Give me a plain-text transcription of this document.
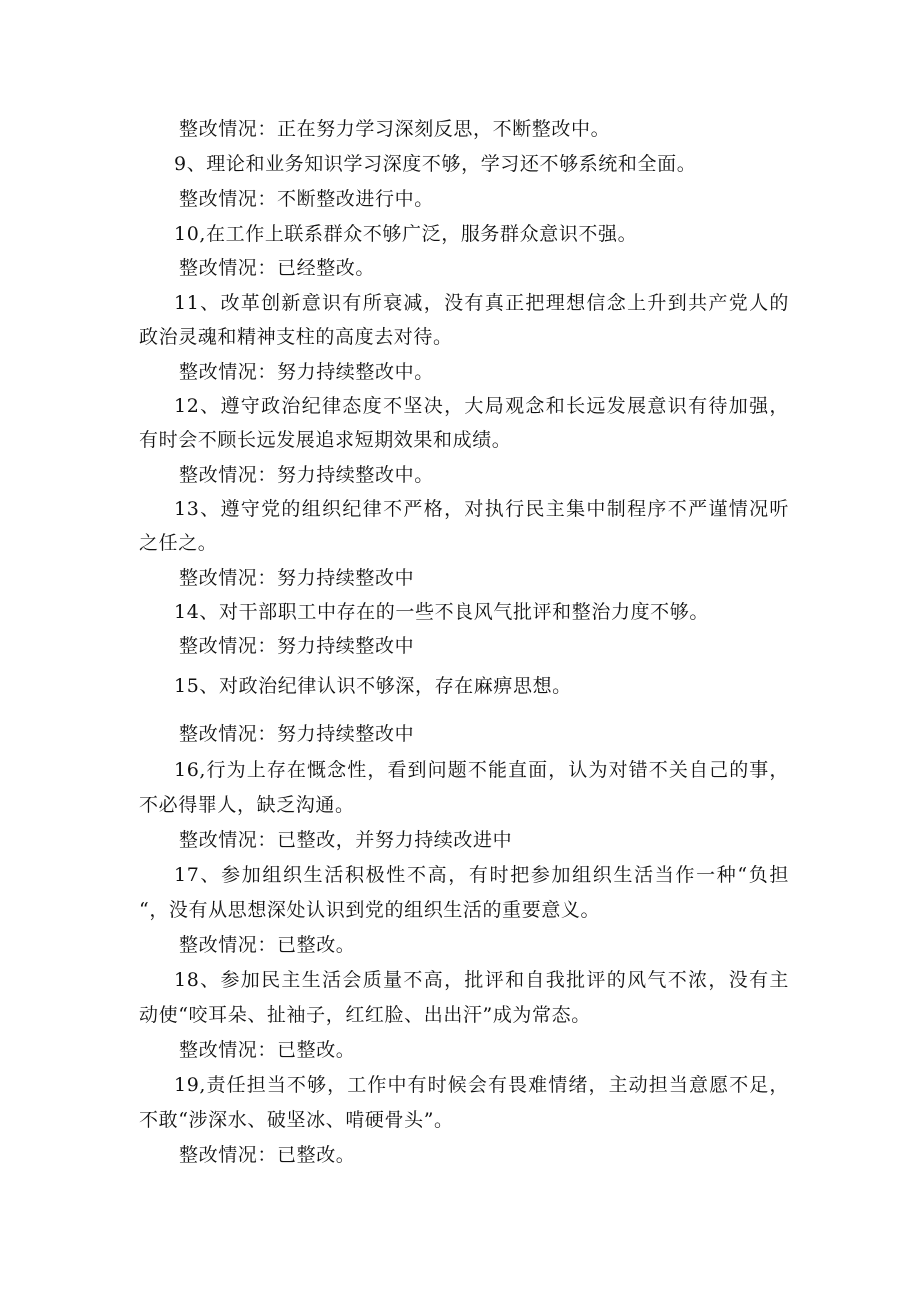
整改情况：正在努力学习深刻反思，不断整改中。
9、理论和业务知识学习深度不够，学习还不够系统和全面。
整改情况：不断整改进行中。
10,在工作上联系群众不够广泛，服务群众意识不强。
整改情况：已经整改。
11、改革创新意识有所衰减，没有真正把理想信念上升到共产党人的
政治灵魂和精神支柱的高度去对待。
整改情况：努力持续整改中。
12、遵守政治纪律态度不坚决，大局观念和长远发展意识有待加强，
有时会不顾长远发展追求短期效果和成绩。
整改情况：努力持续整改中。
13、遵守党的组织纪律不严格，对执行民主集中制程序不严谨情况听
之任之。
整改情况：努力持续整改中
14、对干部职工中存在的一些不良风气批评和整治力度不够。
整改情况：努力持续整改中
15、对政治纪律认识不够深，存在麻痹思想。
整改情况：努力持续整改中
16,行为上存在慨念性，看到问题不能直面，认为对错不关自己的事，
不必得罪人，缺乏沟通。
整改情况：已整改，并努力持续改进中
17、参加组织生活积极性不高，有时把参加组织生活当作一种“负担
“，没有从思想深处认识到党的组织生活的重要意义。
整改情况：已整改。
18、参加民主生活会质量不高，批评和自我批评的风气不浓，没有主
动使“咬耳朵、扯袖子，红红脸、出出汗”成为常态。
整改情况：已整改。
19,责任担当不够，工作中有时候会有畏难情绪，主动担当意愿不足，
不敢“涉深水、破坚冰、啃硬骨头”。
整改情况：已整改。
